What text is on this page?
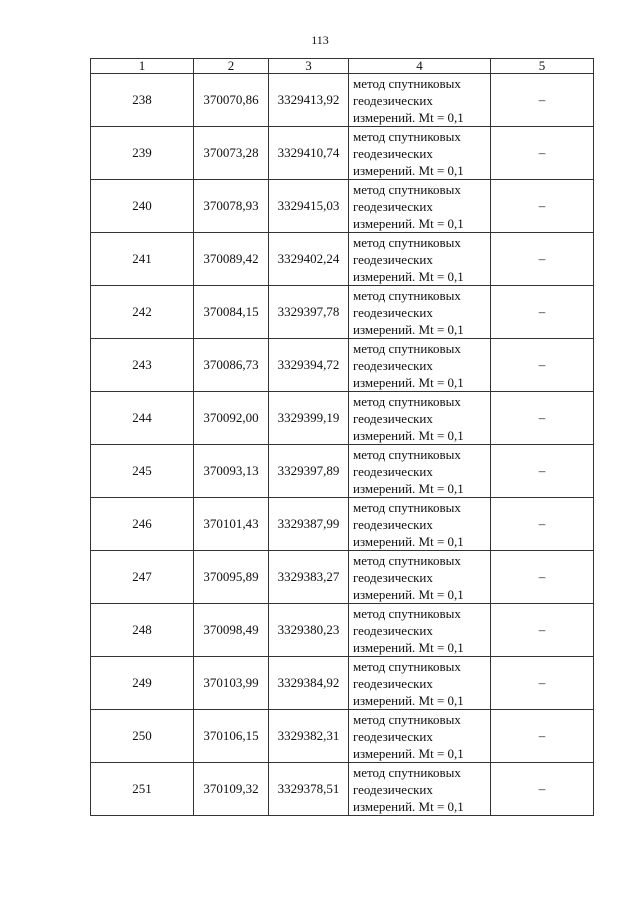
113
1	2	3	4	5
238	370070,86	3329413,92	метод спутниковых
геодезических
измерений. Mt = 0,1	–
239	370073,28	3329410,74	метод спутниковых
геодезических
измерений. Mt = 0,1	–
240	370078,93	3329415,03	метод спутниковых
геодезических
измерений. Mt = 0,1	–
241	370089,42	3329402,24	метод спутниковых
геодезических
измерений. Mt = 0,1	–
242	370084,15	3329397,78	метод спутниковых
геодезических
измерений. Mt = 0,1	–
243	370086,73	3329394,72	метод спутниковых
геодезических
измерений. Mt = 0,1	–
244	370092,00	3329399,19	метод спутниковых
геодезических
измерений. Mt = 0,1	–
245	370093,13	3329397,89	метод спутниковых
геодезических
измерений. Mt = 0,1	–
246	370101,43	3329387,99	метод спутниковых
геодезических
измерений. Mt = 0,1	–
247	370095,89	3329383,27	метод спутниковых
геодезических
измерений. Mt = 0,1	–
248	370098,49	3329380,23	метод спутниковых
геодезических
измерений. Mt = 0,1	–
249	370103,99	3329384,92	метод спутниковых
геодезических
измерений. Mt = 0,1	–
250	370106,15	3329382,31	метод спутниковых
геодезических
измерений. Mt = 0,1	–
251	370109,32	3329378,51	метод спутниковых
геодезических
измерений. Mt = 0,1	–
